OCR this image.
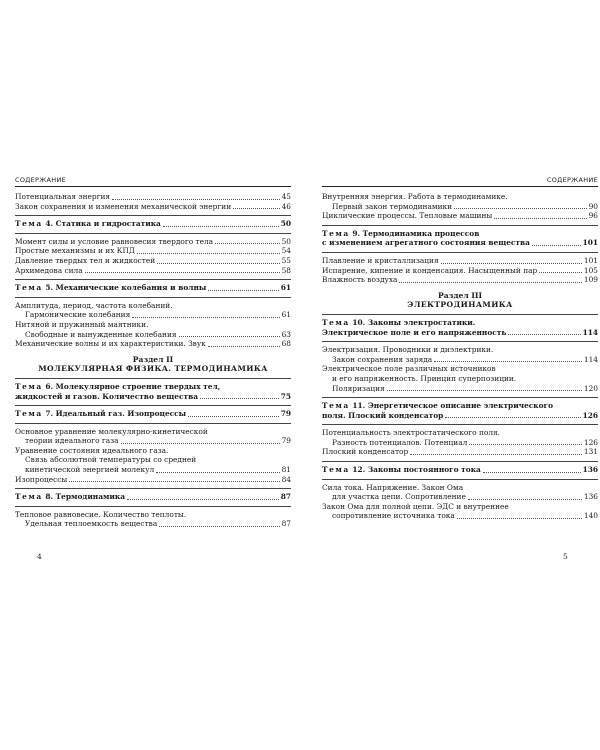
СОДЕРЖАНИЕ
Потенциальная энергия	45
Закон сохранения и изменения механической энергии	46
Тема 4. Статика и гидростатика	50
Момент силы и условие равновесия твердого тела	50
Простые механизмы и их КПД	54
Давление твердых тел и жидкостей	55
Архимедова сила	58
Тема 5. Механические колебания и волны	61
Амплитуда, период, частота колебаний.
Гармонические колебания	61
Нитяной и пружинный маятники.
Свободные и вынужденные колебания	63
Механические волны и их характеристики. Звук	68
Раздел II
МОЛЕКУЛЯРНАЯ ФИЗИКА. ТЕРМОДИНАМИКА
Тема 6. Молекулярное строение твердых тел,
жидкостей и газов. Количество вещества	75
Тема 7. Идеальный газ. Изопроцессы	79
Основное уравнение молекулярно-кинетической
теории идеального газа	79
Уравнение состояния идеального газа.
Связь абсолютной температуры со средней
кинетической энергией молекул	81
Изопроцессы	84
Тема 8. Термодинамика	87
Тепловое равновесие. Количество теплоты.
Удельная теплоемкость вещества	87
СОДЕРЖАНИЕ
Внутренняя энергия. Работа в термодинамике.
Первый закон термодинамики	90
Циклические процессы. Тепловые машины	96
Тема 9. Термодинамика процессов
с изменением агрегатного состояния вещества	101
Плавление и кристаллизация	101
Испарение, кипение и конденсация. Насыщенный пар	105
Влажность воздуха	109
Раздел III
ЭЛЕКТРОДИНАМИКА
Тема 10. Законы электростатики.
Электрическое поле и его напряженность	114
Электризация. Проводники и диэлектрики.
Закон сохранения заряда	114
Электрическое поле различных источников
и его напряженность. Принцип суперпозиции.
Поляризация	120
Тема 11. Энергетическое описание электрического
поля. Плоский конденсатор	126
Потенциальность электростатического поля.
Разность потенциалов. Потенциал	126
Плоский конденсатор	131
Тема 12. Законы постоянного тока	136
Сила тока. Напряжение. Закон Ома
для участка цепи. Сопротивление	136
Закон Ома для полной цепи. ЭДС и внутреннее
сопротивление источника тока	140
4	5
